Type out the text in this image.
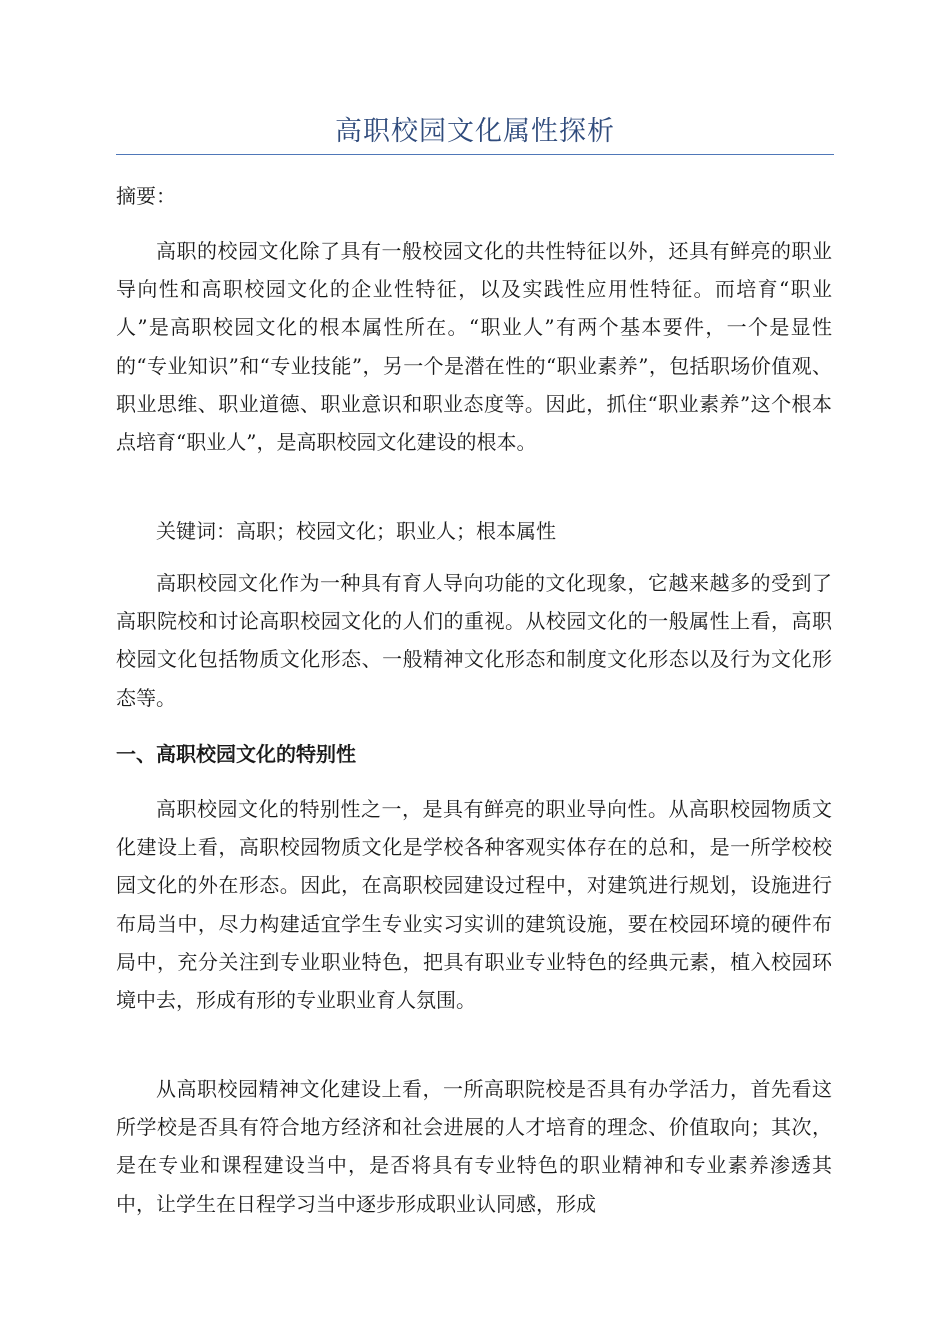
高职校园文化属性探析
摘要：
高职的校园文化除了具有一般校园文化的共性特征以外，还具有鲜亮的职业导向性和高职校园文化的企业性特征，以及实践性应用性特征。而培育“职业人”是高职校园文化的根本属性所在。“职业人”有两个基本要件，一个是显性的“专业知识”和“专业技能”，另一个是潜在性的“职业素养”，包括职场价值观、职业思维、职业道德、职业意识和职业态度等。因此，抓住“职业素养”这个根本点培育“职业人”，是高职校园文化建设的根本。
关键词：高职；校园文化；职业人；根本属性
高职校园文化作为一种具有育人导向功能的文化现象，它越来越多的受到了高职院校和讨论高职校园文化的人们的重视。从校园文化的一般属性上看，高职校园文化包括物质文化形态、一般精神文化形态和制度文化形态以及行为文化形态等。
一、高职校园文化的特别性
高职校园文化的特别性之一，是具有鲜亮的职业导向性。从高职校园物质文化建设上看，高职校园物质文化是学校各种客观实体存在的总和，是一所学校校园文化的外在形态。因此，在高职校园建设过程中，对建筑进行规划，设施进行布局当中，尽力构建适宜学生专业实习实训的建筑设施，要在校园环境的硬件布局中，充分关注到专业职业特色，把具有职业专业特色的经典元素，植入校园环境中去，形成有形的专业职业育人氛围。
从高职校园精神文化建设上看，一所高职院校是否具有办学活力，首先看这所学校是否具有符合地方经济和社会进展的人才培育的理念、价值取向；其次，是在专业和课程建设当中，是否将具有专业特色的职业精神和专业素养渗透其中，让学生在日程学习当中逐步形成职业认同感，形成
